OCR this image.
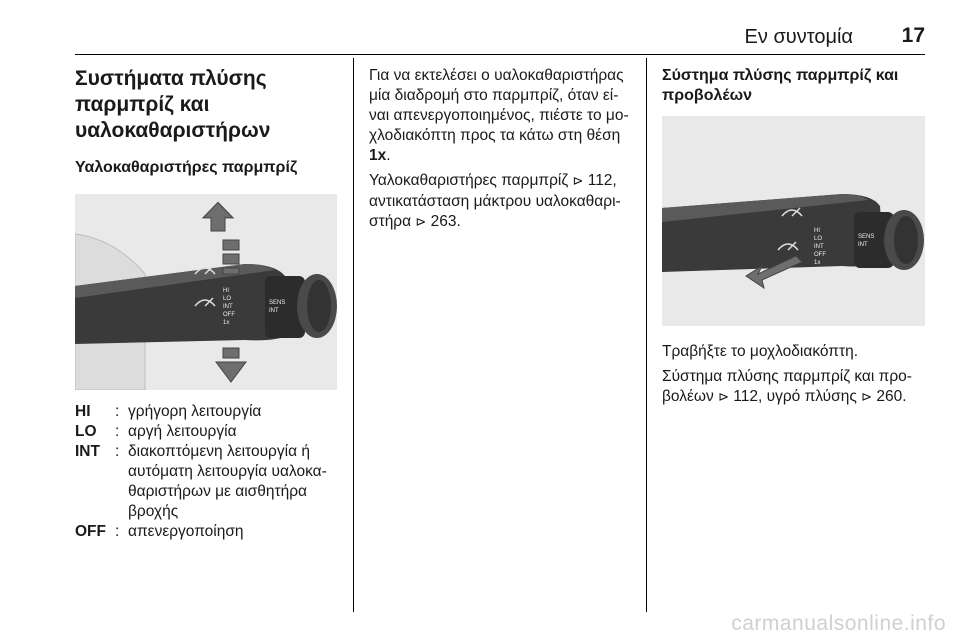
Εν συντομία 17
Συστήματα πλύσης
παρμπρίζ και
υαλοκαθαριστήρων
Υαλοκαθαριστήρες παρμπρίζ
HI
LO
INT
OFF
1x
SENS
INT
HI	: γρήγορη λειτουργία
LO	: αργή λειτουργία
INT : διακοπτόμενη λειτουργία ή
αυτόματη λειτουργία υαλοκα-
θαριστήρων με αισθητήρα
βροχής
OFF : απενεργοποίηση

Για να εκτελέσει ο υαλοκαθαριστήρας
μία διαδρομή στο παρμπρίζ, όταν εί-
ναι απενεργοποιημένος, πιέστε το μο-
χλοδιακόπτη προς τα κάτω στη θέση
1x.

Υαλοκαθαριστήρες παρμπρίζ ⊳ 112,
αντικατάσταση μάκτρου υαλοκαθαρι-
στήρα ⊳ 263.

Σύστημα πλύσης παρμπρίζ και
προβολέων
HI
LO
INT
OFF
1x
SENS
INT

Τραβήξτε το μοχλοδιακόπτη.

Σύστημα πλύσης παρμπρίζ και προ-
βολέων ⊳ 112, υγρό πλύσης ⊳ 260.

carmanualsonline.info
